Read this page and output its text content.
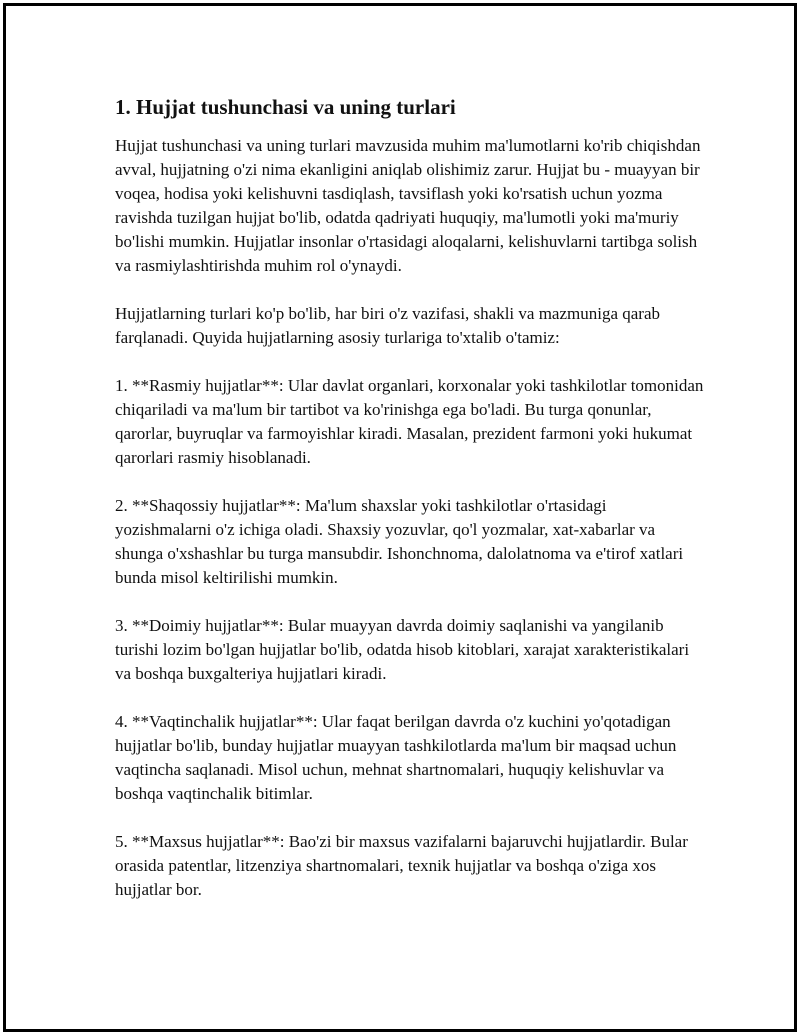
1. Hujjat tushunchasi va uning turlari

Hujjat tushunchasi va uning turlari mavzusida muhim ma'lumotlarni ko'rib chiqishdan avval, hujjatning o'zi nima ekanligini aniqlab olishimiz zarur. Hujjat bu - muayyan bir voqea, hodisa yoki kelishuvni tasdiqlash, tavsiflash yoki ko'rsatish uchun yozma ravishda tuzilgan hujjat bo'lib, odatda qadriyati huquqiy, ma'lumotli yoki ma'muriy bo'lishi mumkin. Hujjatlar insonlar o'rtasidagi aloqalarni, kelishuvlarni tartibga solish va rasmiylashtirishda muhim rol o'ynaydi.

Hujjatlarning turlari ko'p bo'lib, har biri o'z vazifasi, shakli va mazmuniga qarab farqlanadi. Quyida hujjatlarning asosiy turlariga to'xtalib o'tamiz:

1. **Rasmiy hujjatlar**: Ular davlat organlari, korxonalar yoki tashkilotlar tomonidan chiqariladi va ma'lum bir tartibot va ko'rinishga ega bo'ladi. Bu turga qonunlar, qarorlar, buyruqlar va farmoyishlar kiradi. Masalan, prezident farmoni yoki hukumat qarorlari rasmiy hisoblanadi.

2. **Shaqossiy hujjatlar**: Ma'lum shaxslar yoki tashkilotlar o'rtasidagi yozishmalarni o'z ichiga oladi. Shaxsiy yozuvlar, qo'l yozmalar, xat-xabarlar va shunga o'xshashlar bu turga mansubdir. Ishonchnoma, dalolatnoma va e'tirof xatlari bunda misol keltirilishi mumkin.

3. **Doimiy hujjatlar**: Bular muayyan davrda doimiy saqlanishi va yangilanib turishi lozim bo'lgan hujjatlar bo'lib, odatda hisob kitoblari, xarajat xarakteristikalari va boshqa buxgalteriya hujjatlari kiradi.

4. **Vaqtinchalik hujjatlar**: Ular faqat berilgan davrda o'z kuchini yo'qotadigan hujjatlar bo'lib, bunday hujjatlar muayyan tashkilotlarda ma'lum bir maqsad uchun vaqtincha saqlanadi. Misol uchun, mehnat shartnomalari, huquqiy kelishuvlar va boshqa vaqtinchalik bitimlar.

5. **Maxsus hujjatlar**: Bao'zi bir maxsus vazifalarni bajaruvchi hujjatlardir. Bular orasida patentlar, litzenziya shartnomalari, texnik hujjatlar va boshqa o'ziga xos hujjatlar bor.
